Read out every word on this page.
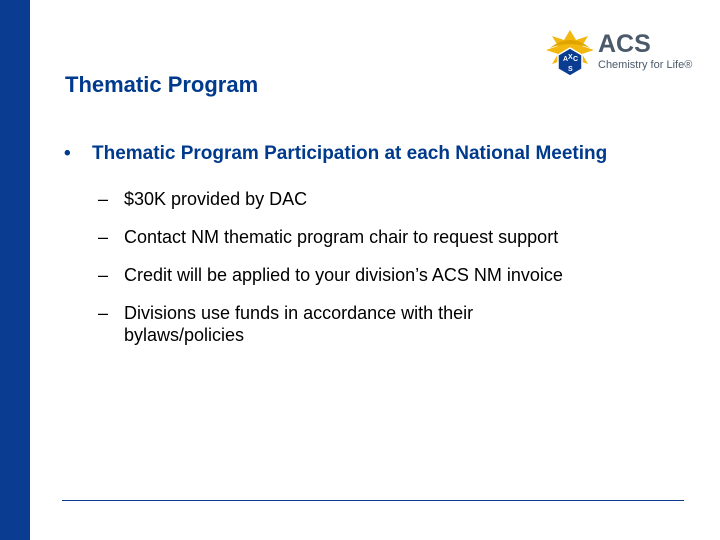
Thematic Program
A X C
S
ACS
Chemistry for Life®
• Thematic Program Participation at each National Meeting
– $30K provided by DAC
– Contact NM thematic program chair to request support
– Credit will be applied to your division’s ACS NM invoice
– Divisions use funds in accordance with their bylaws/policies
